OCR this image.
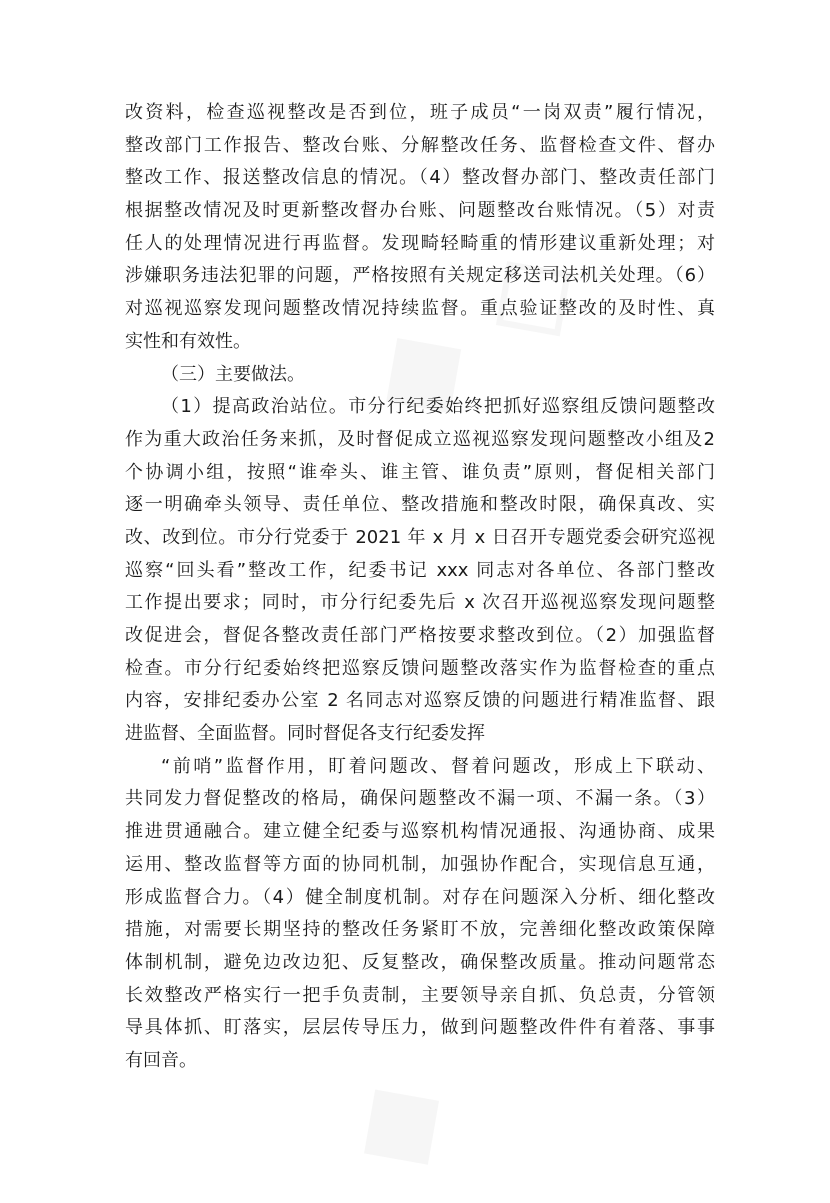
改资料，检查巡视整改是否到位，班子成员“一岗双责”履行情况，
整改部门工作报告、整改台账、分解整改任务、监督检查文件、督办
整改工作、报送整改信息的情况。（4）整改督办部门、整改责任部门
根据整改情况及时更新整改督办台账、问题整改台账情况。（5）对责
任人的处理情况进行再监督。发现畸轻畸重的情形建议重新处理；对
涉嫌职务违法犯罪的问题，严格按照有关规定移送司法机关处理。（6）
对巡视巡察发现问题整改情况持续监督。重点验证整改的及时性、真
实性和有效性。
（三）主要做法。
（1）提高政治站位。市分行纪委始终把抓好巡察组反馈问题整改
作为重大政治任务来抓，及时督促成立巡视巡察发现问题整改小组及2
个协调小组，按照“谁牵头、谁主管、谁负责”原则，督促相关部门
逐一明确牵头领导、责任单位、整改措施和整改时限，确保真改、实
改、改到位。市分行党委于 2021 年 x 月 x 日召开专题党委会研究巡视
巡察“回头看”整改工作，纪委书记 xxx 同志对各单位、各部门整改
工作提出要求；同时，市分行纪委先后 x 次召开巡视巡察发现问题整
改促进会，督促各整改责任部门严格按要求整改到位。（2）加强监督
检查。市分行纪委始终把巡察反馈问题整改落实作为监督检查的重点
内容，安排纪委办公室 2 名同志对巡察反馈的问题进行精准监督、跟
进监督、全面监督。同时督促各支行纪委发挥
“前哨”监督作用，盯着问题改、督着问题改，形成上下联动、
共同发力督促整改的格局，确保问题整改不漏一项、不漏一条。（3）
推进贯通融合。建立健全纪委与巡察机构情况通报、沟通协商、成果
运用、整改监督等方面的协同机制，加强协作配合，实现信息互通，
形成监督合力。（4）健全制度机制。对存在问题深入分析、细化整改
措施，对需要长期坚持的整改任务紧盯不放，完善细化整改政策保障
体制机制，避免边改边犯、反复整改，确保整改质量。推动问题常态
长效整改严格实行一把手负责制，主要领导亲自抓、负总责，分管领
导具体抓、盯落实，层层传导压力，做到问题整改件件有着落、事事
有回音。
